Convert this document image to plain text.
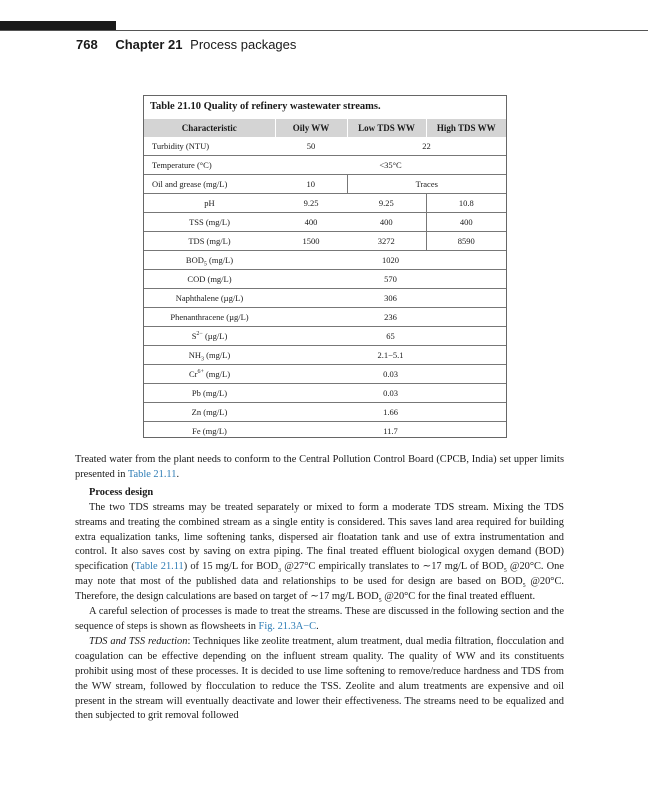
768 Chapter 21 Process packages
Table 21.10 Quality of refinery wastewater streams.
Characteristic	Oily WW	Low TDS WW	High TDS WW
Turbidity (NTU)	50	22	
Temperature (°C)	<35°C		
Oil and grease (mg/L)	10	Traces	
pH	9.25	9.25	10.8
TSS (mg/L)	400	400	400
TDS (mg/L)	1500	3272	8590
$BOD_5$ (mg/L)	1020		
COD (mg/L)	570		
Naphthalene (µg/L)	306		
Phenanthracene (µg/L)	236		
$S^{2-}$ (µg/L)	65		
$NH_3$ (mg/L)	2.1−5.1		
$Cr^{6+}$ (mg/L)	0.03		
Pb (mg/L)	0.03		
Zn (mg/L)	1.66		
Fe (mg/L)	11.7		

Treated water from the plant needs to conform to the Central Pollution Control Board (CPCB, India) set upper limits presented in Table 21.11.

Process design

The two TDS streams may be treated separately or mixed to form a moderate TDS stream. Mixing the TDS streams and treating the combined stream as a single entity is considered. This saves land area required for building extra equalization tanks, lime softening tanks, dispersed air floatation tank and use of extra instrumentation and control. It also saves cost by saving on extra piping. The final treated effluent biological oxygen demand (BOD) specification (Table 21.11) of 15 mg/L for $BOD_3$ @27°C empirically translates to ∼17 mg/L of $BOD_5$ @20°C. One may note that most of the published data and relationships to be used for design are based on $BOD_5$ @20°C. Therefore, the design calculations are based on target of ∼17 mg/L $BOD_5$ @20°C for the final treated effluent.

A careful selection of processes is made to treat the streams. These are discussed in the following section and the sequence of steps is shown as flowsheets in Fig. 21.3A−C.

TDS and TSS reduction: Techniques like zeolite treatment, alum treatment, dual media filtration, flocculation and coagulation can be effective depending on the influent stream quality. The quality of WW and its constituents prohibit using most of these processes. It is decided to use lime softening to remove/reduce hardness and TDS from the WW stream, followed by flocculation to reduce the TSS. Zeolite and alum treatments are expensive and oil present in the stream will eventually deactivate and lower their effectiveness. The streams need to be equalized and then subjected to grit removal followed
